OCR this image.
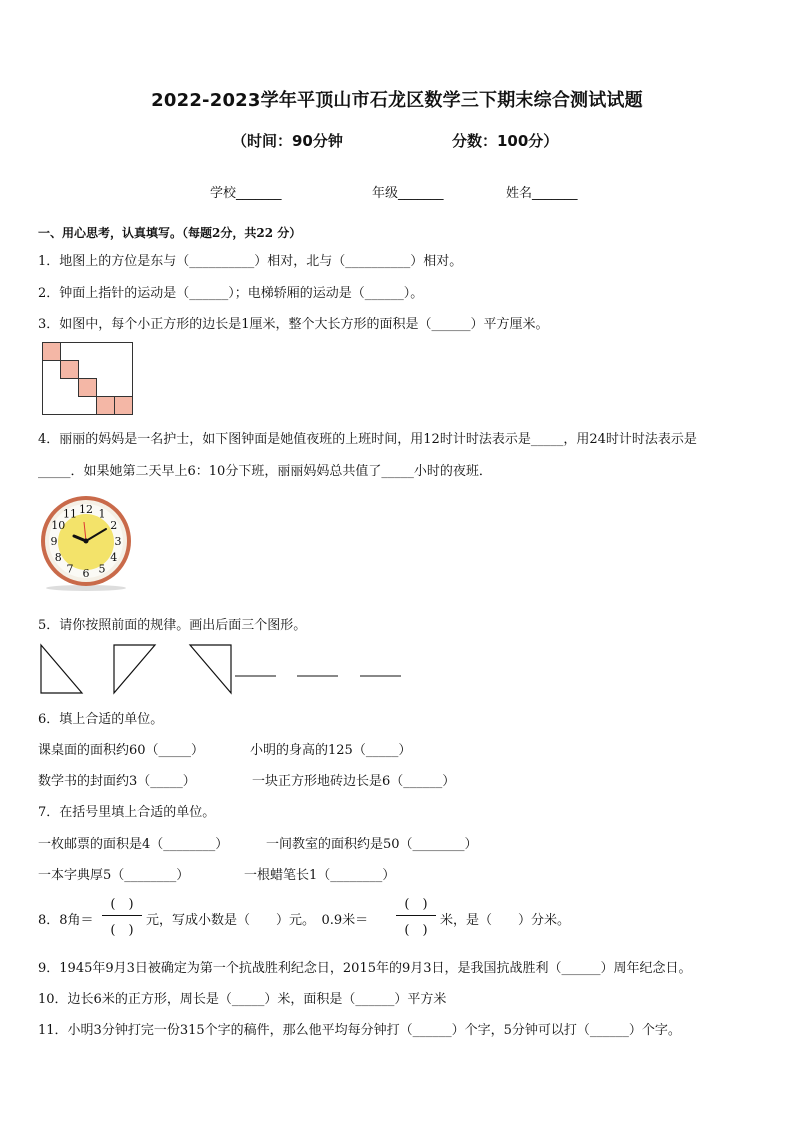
2022-2023学年平顶山市石龙区数学三下期末综合测试试题
（时间：90分钟	分数：100分）
学校_______	年级_______	姓名_______
一、用心思考，认真填写。（每题2分，共22 分）
1．地图上的方位是东与（__________）相对，北与（__________）相对。
2．钟面上指针的运动是（______）；电梯轿厢的运动是（______）。
3．如图中，每个小正方形的边长是1厘米，整个大长方形的面积是（______）平方厘米。
4．丽丽的妈妈是一名护士，如下图钟面是她值夜班的上班时间，用12时计时法表示是_____，用24时计时法表示是
_____．如果她第二天早上6：10分下班，丽丽妈妈总共值了_____小时的夜班．
12 1
2
3
4
5
6
7
8
9
10
11
5．请你按照前面的规律。画出后面三个图形。
6．填上合适的单位。
课桌面的面积约60（_____）	小明的身高的125（_____）
数学书的封面约3（_____）	一块正方形地砖边长是6（______）
7．在括号里填上合适的单位。
一枚邮票的面积是4（________）	一间教室的面积约是50（________）
一本字典厚5（________）	一根蜡笔长1（________）
8．8角＝
(　)
(　)
元，写成小数是（　　）元。　0.9米＝
(　)
(　)
米，是（　　）分米。
9．1945年9月3日被确定为第一个抗战胜利纪念日，2015年的9月3日，是我国抗战胜利（______）周年纪念日。
10．边长6米的正方形，周长是（_____）米，面积是（______）平方米
11．小明3分钟打完一份315个字的稿件，那么他平均每分钟打（______）个字，5分钟可以打（______）个字。
